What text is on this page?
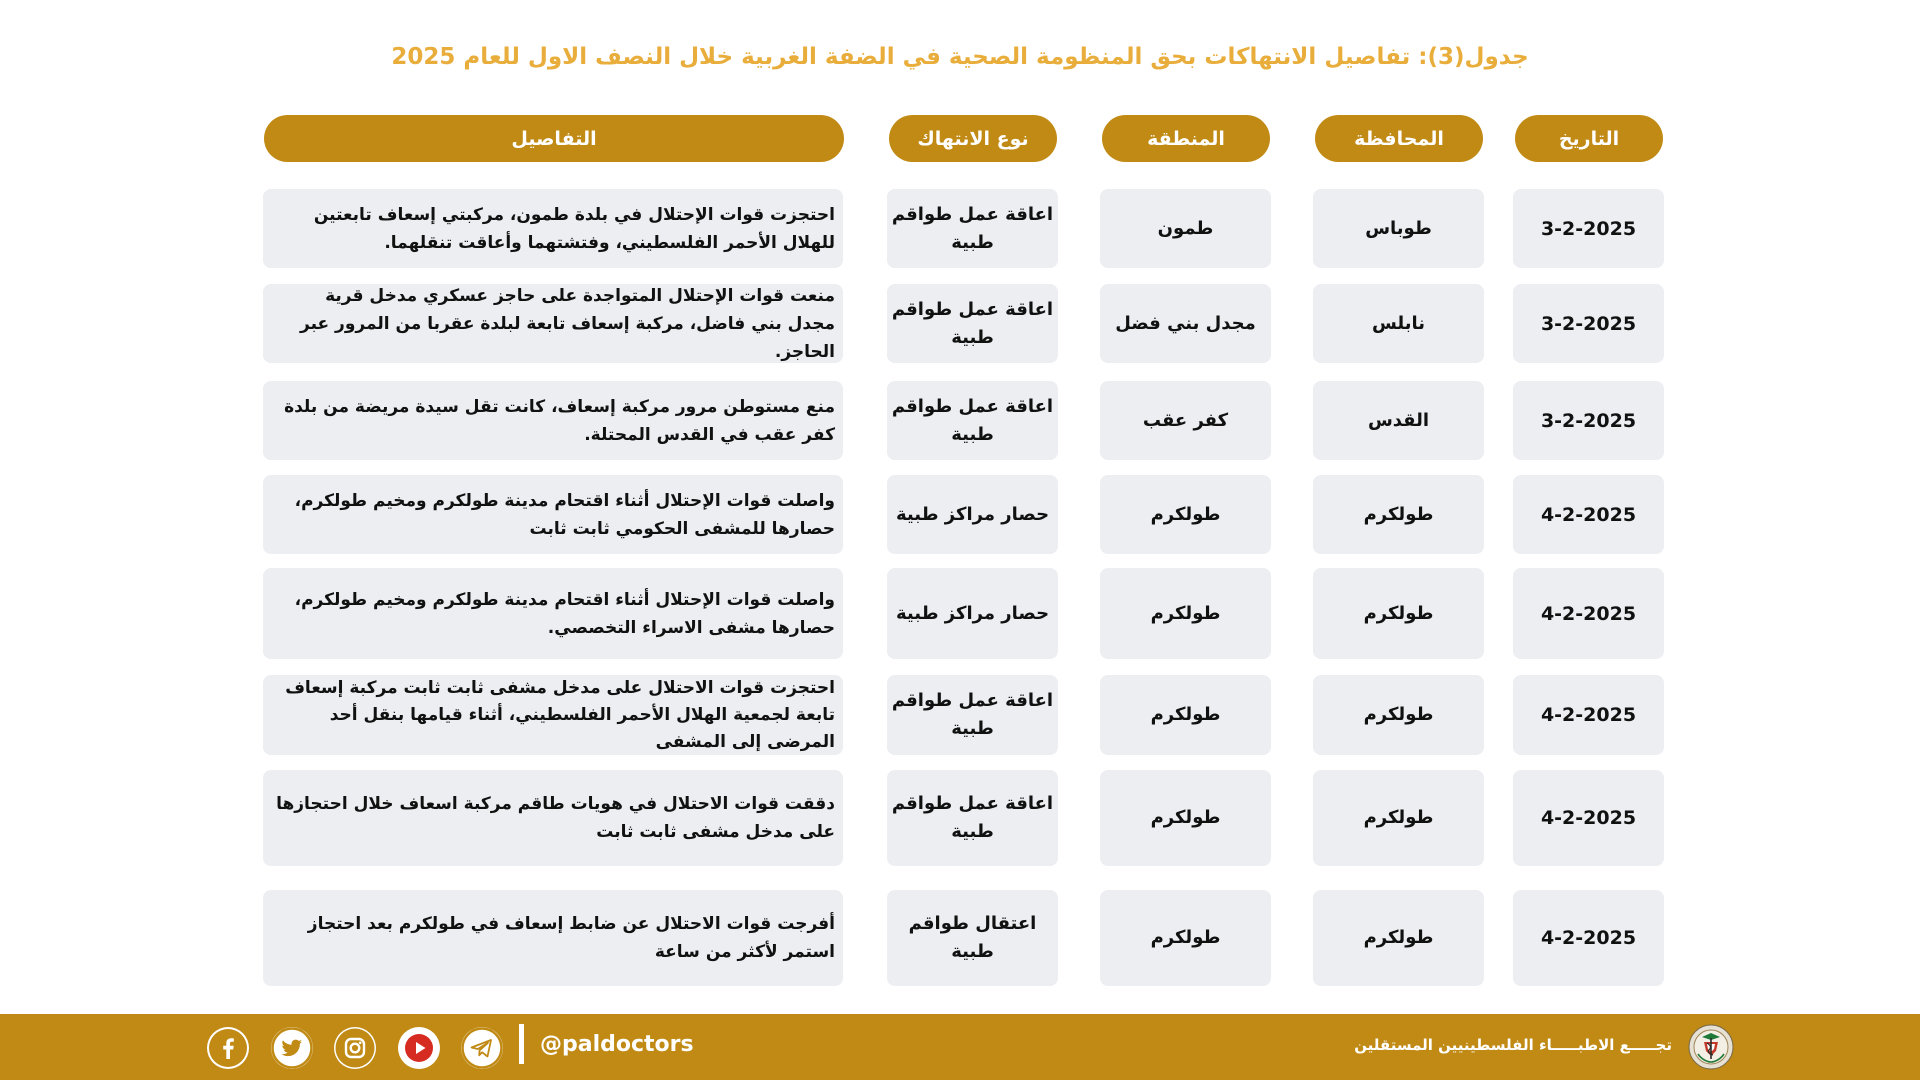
جدول(3): تفاصيل الانتهاكات بحق المنظومة الصحية في الضفة الغربية خلال النصف الاول للعام 2025
التاريخ
المحافظة
المنطقة
نوع الانتهاك
التفاصيل
3-2-2025
طوباس
طمون
اعاقة عمل طواقم طبية
احتجزت قوات الإحتلال في بلدة طمون، مركبتي إسعاف تابعتين للهلال الأحمر الفلسطيني، وفتشتهما وأعاقت تنقلهما.
3-2-2025
نابلس
مجدل بني فضل
اعاقة عمل طواقم طبية
منعت قوات الإحتلال المتواجدة على حاجز عسكري مدخل قرية مجدل بني فاضل، مركبة إسعاف تابعة لبلدة عقربا من المرور عبر الحاجز.
3-2-2025
القدس
كفر عقب
اعاقة عمل طواقم طبية
منع مستوطن مرور مركبة إسعاف، كانت تقل سيدة مريضة من بلدة كفر عقب في القدس المحتلة.
4-2-2025
طولكرم
طولكرم
حصار مراكز طبية
واصلت قوات الإحتلال أثناء اقتحام مدينة طولكرم ومخيم طولكرم، حصارها للمشفى الحكومي ثابت ثابت
4-2-2025
طولكرم
طولكرم
حصار مراكز طبية
واصلت قوات الإحتلال أثناء اقتحام مدينة طولكرم ومخيم طولكرم، حصارها مشفى الاسراء التخصصي.
4-2-2025
طولكرم
طولكرم
اعاقة عمل طواقم طبية
احتجزت قوات الاحتلال على مدخل مشفى ثابت ثابت مركبة إسعاف تابعة لجمعية الهلال الأحمر الفلسطيني، أثناء قيامها بنقل أحد المرضى إلى المشفى
4-2-2025
طولكرم
طولكرم
اعاقة عمل طواقم طبية
دققت قوات الاحتلال في هويات طاقم مركبة اسعاف خلال احتجازها على مدخل مشفى ثابت ثابت
4-2-2025
طولكرم
طولكرم
اعتقال طواقم طبية
أفرجت قوات الاحتلال عن ضابط إسعاف في طولكرم بعد احتجاز استمر لأكثر من ساعة
@paldoctors	تجـــــع الاطبـــــاء الفلسطينيين المستقلين
